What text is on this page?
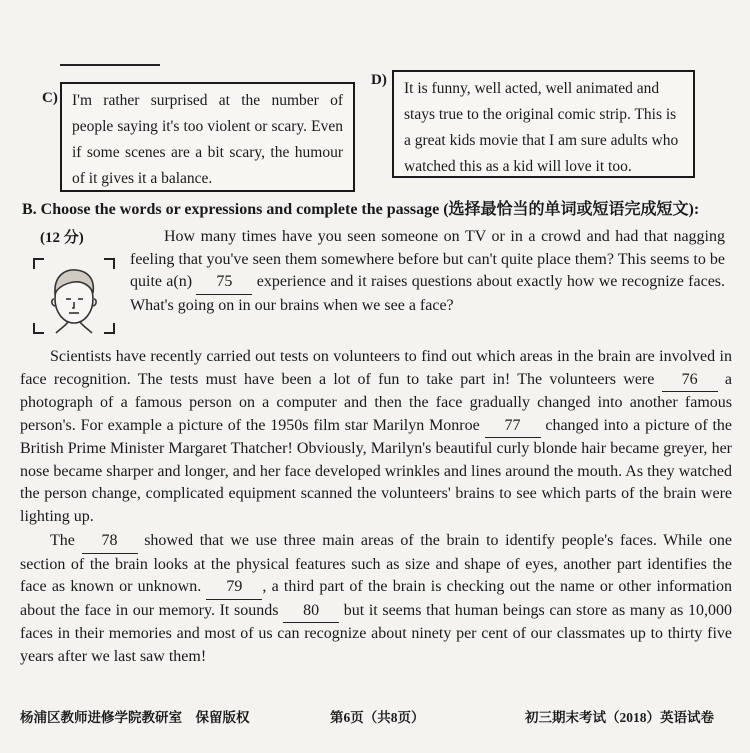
C) I'm rather surprised at the number of people saying it's too violent or scary. Even if some scenes are a bit scary, the humour of it gives it a balance.
D)	It is funny, well acted, well animated and stays true to the original comic strip. This is a great kids movie that I am sure adults who watched this as a kid will love it too.
B. Choose the words or expressions and complete the passage (选择最恰当的单词或短语完成短文):
(12 分)	How many times have you seen someone on TV or in a crowd and had that nagging feeling that you've seen them somewhere before but can't quite place them? This seems to be quite a(n) 75 experience and it raises questions about exactly how we recognize faces. What's going on in our brains when we see a face?
Scientists have recently carried out tests on volunteers to find out which areas in the brain are involved in face recognition. The tests must have been a lot of fun to take part in! The volunteers were 76 a photograph of a famous person on a computer and then the face gradually changed into another famous person's. For example a picture of the 1950s film star Marilyn Monroe 77 changed into a picture of the British Prime Minister Margaret Thatcher! Obviously, Marilyn's beautiful curly blonde hair became greyer, her nose became sharper and longer, and her face developed wrinkles and lines around the mouth. As they watched the person change, complicated equipment scanned the volunteers' brains to see which parts of the brain were lighting up.
The 78 showed that we use three main areas of the brain to identify people's faces. While one section of the brain looks at the physical features such as size and shape of eyes, another part identifies the face as known or unknown. 79 , a third part of the brain is checking out the name or other information about the face in our memory. It sounds 80 but it seems that human beings can store as many as 10,000 faces in their memories and most of us can recognize about ninety per cent of our classmates up to thirty five years after we last saw them!
杨浦区教师进修学院教研室　保留版权	第6页（共8页）	初三期末考试（2018）英语试卷
